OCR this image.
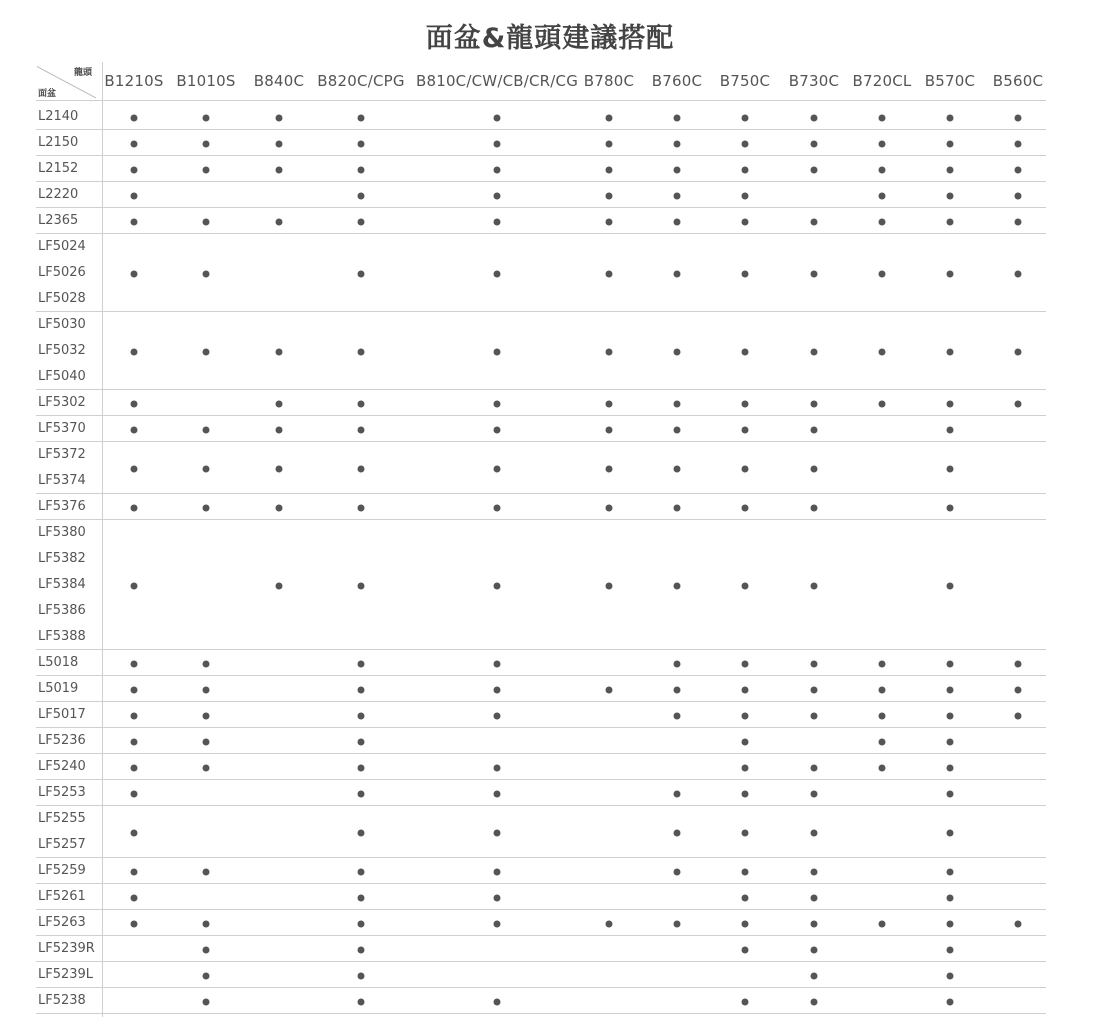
面盆&龍頭建議搭配
龍頭
面盆
B1210S B1010S B840C B820C/CPG B810C/CW/CB/CR/CG B780C B760C B750C B730C B720CL B570C B560C
L2140
L2150
L2152
L2220
L2365
LF5024
LF5026
LF5028
LF5030
LF5032
LF5040
LF5302
LF5370
LF5372
LF5374
LF5376
LF5380
LF5382
LF5384
LF5386
LF5388
L5018
L5019
LF5017
LF5236
LF5240
LF5253
LF5255
LF5257
LF5259
LF5261
LF5263
LF5239R
LF5239L
LF5238
